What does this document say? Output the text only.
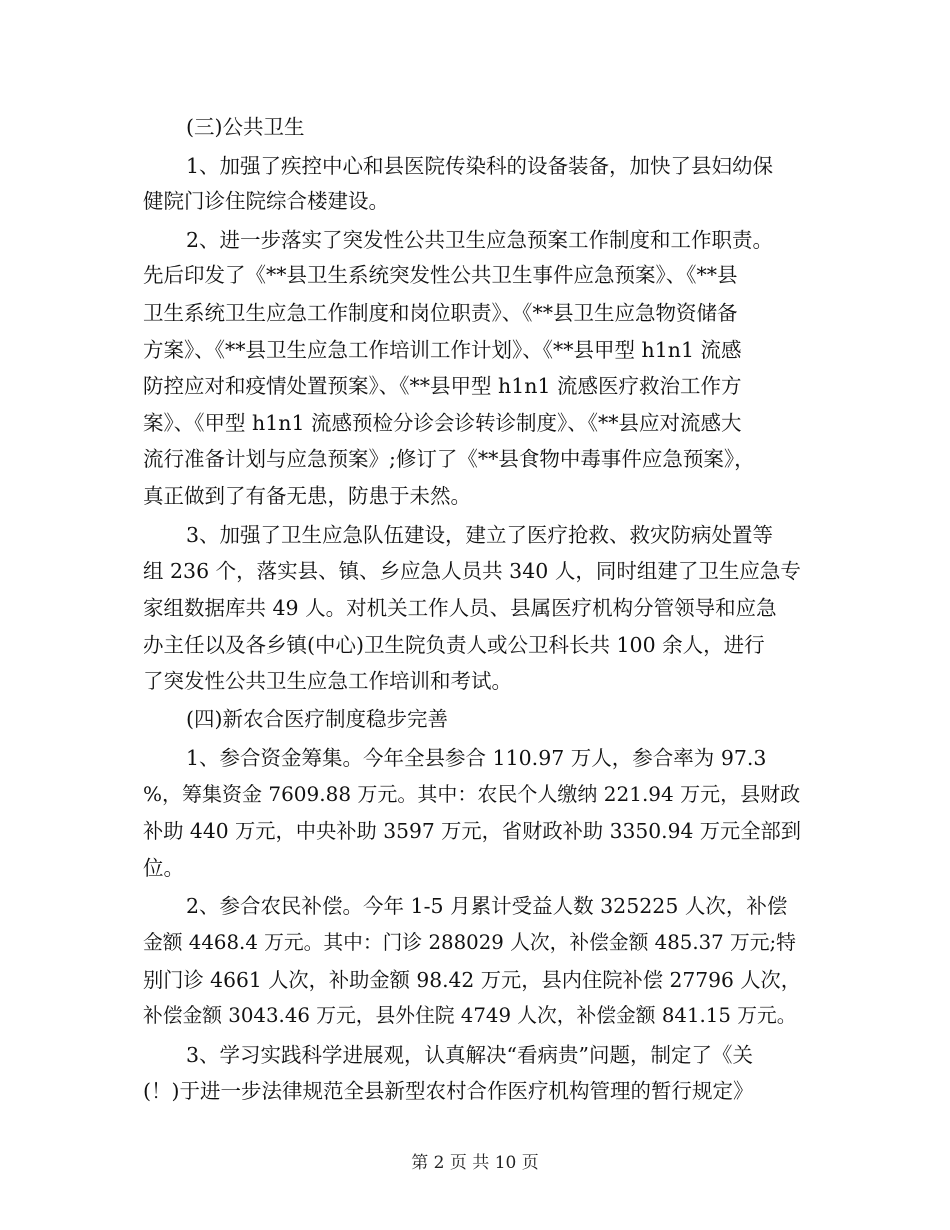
(三)公共卫生
1、加强了疾控中心和县医院传染科的设备装备，加快了县妇幼保
健院门诊住院综合楼建设。
2、进一步落实了突发性公共卫生应急预案工作制度和工作职责。
先后印发了《**县卫生系统突发性公共卫生事件应急预案》、《**县
卫生系统卫生应急工作制度和岗位职责》、《**县卫生应急物资储备
方案》、《**县卫生应急工作培训工作计划》、《**县甲型 h1n1 流感
防控应对和疫情处置预案》、《**县甲型 h1n1 流感医疗救治工作方
案》、《甲型 h1n1 流感预检分诊会诊转诊制度》、《**县应对流感大
流行准备计划与应急预案》;修订了《**县食物中毒事件应急预案》，
真正做到了有备无患，防患于未然。
3、加强了卫生应急队伍建设，建立了医疗抢救、救灾防病处置等
组 236 个，落实县、镇、乡应急人员共 340 人，同时组建了卫生应急专
家组数据库共 49 人。对机关工作人员、县属医疗机构分管领导和应急
办主任以及各乡镇(中心)卫生院负责人或公卫科长共 100 余人，进行
了突发性公共卫生应急工作培训和考试。
(四)新农合医疗制度稳步完善
1、参合资金筹集。今年全县参合 110.97 万人，参合率为 97.3
%，筹集资金 7609.88 万元。其中：农民个人缴纳 221.94 万元，县财政
补助 440 万元，中央补助 3597 万元，省财政补助 3350.94 万元全部到
位。
2、参合农民补偿。今年 1-5 月累计受益人数 325225 人次，补偿
金额 4468.4 万元。其中：门诊 288029 人次，补偿金额 485.37 万元;特
别门诊 4661 人次，补助金额 98.42 万元，县内住院补偿 27796 人次，
补偿金额 3043.46 万元，县外住院 4749 人次，补偿金额 841.15 万元。
3、学习实践科学进展观，认真解决“看病贵”问题，制定了《关
(！)于进一步法律规范全县新型农村合作医疗机构管理的暂行规定》
第 2 页 共 10 页
